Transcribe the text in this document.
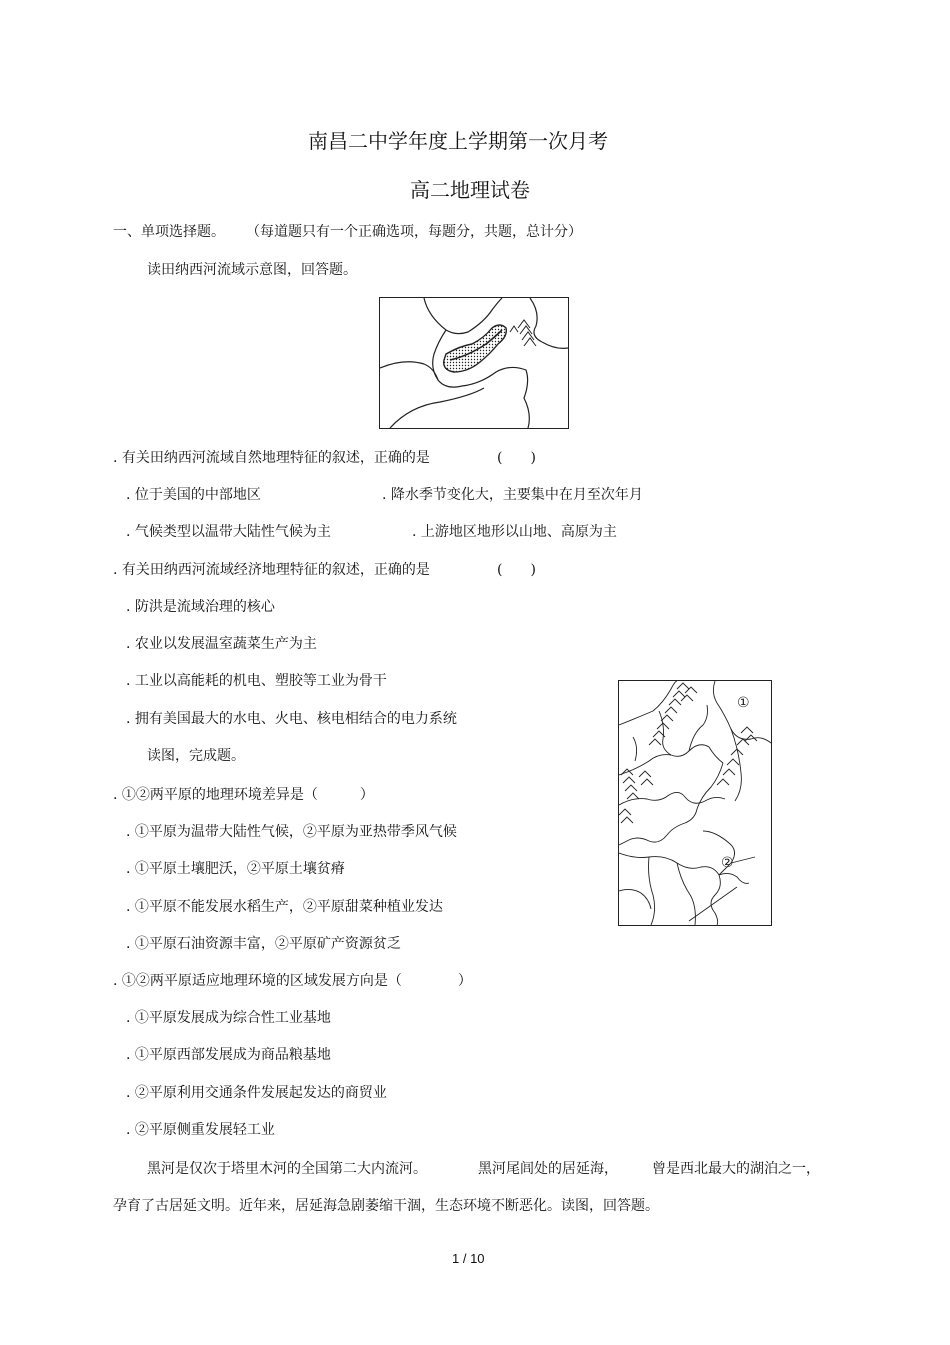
南昌二中学年度上学期第一次月考
高二地理试卷
一、单项选择题。 （每道题只有一个正确选项，每题分，共题，总计分）
读田纳西河流域示意图，回答题。
. 有关田纳西河流域自然地理特征的叙述，正确的是	(　　)
. 位于美国的中部地区	. 降水季节变化大，主要集中在月至次年月
. 气候类型以温带大陆性气候为主	. 上游地区地形以山地、高原为主
. 有关田纳西河流域经济地理特征的叙述，正确的是	(　　)
. 防洪是流域治理的核心
. 农业以发展温室蔬菜生产为主
. 工业以高能耗的机电、塑胶等工业为骨干
. 拥有美国最大的水电、火电、核电相结合的电力系统
读图，完成题。
①
②
. ①②两平原的地理环境差异是（　　　）
. ①平原为温带大陆性气候，②平原为亚热带季风气候
. ①平原土壤肥沃，②平原土壤贫瘠
. ①平原不能发展水稻生产，②平原甜菜种植业发达
. ①平原石油资源丰富，②平原矿产资源贫乏
. ①②两平原适应地理环境的区域发展方向是（　　　　）
. ①平原发展成为综合性工业基地
. ①平原西部发展成为商品粮基地
. ②平原利用交通条件发展起发达的商贸业
. ②平原侧重发展轻工业
黑河是仅次于塔里木河的全国第二大内流河。	黑河尾闾处的居延海， 曾是西北最大的湖泊之一，
孕育了古居延文明。近年来，居延海急剧萎缩干涸，生态环境不断恶化。读图，回答题。
1 / 10
